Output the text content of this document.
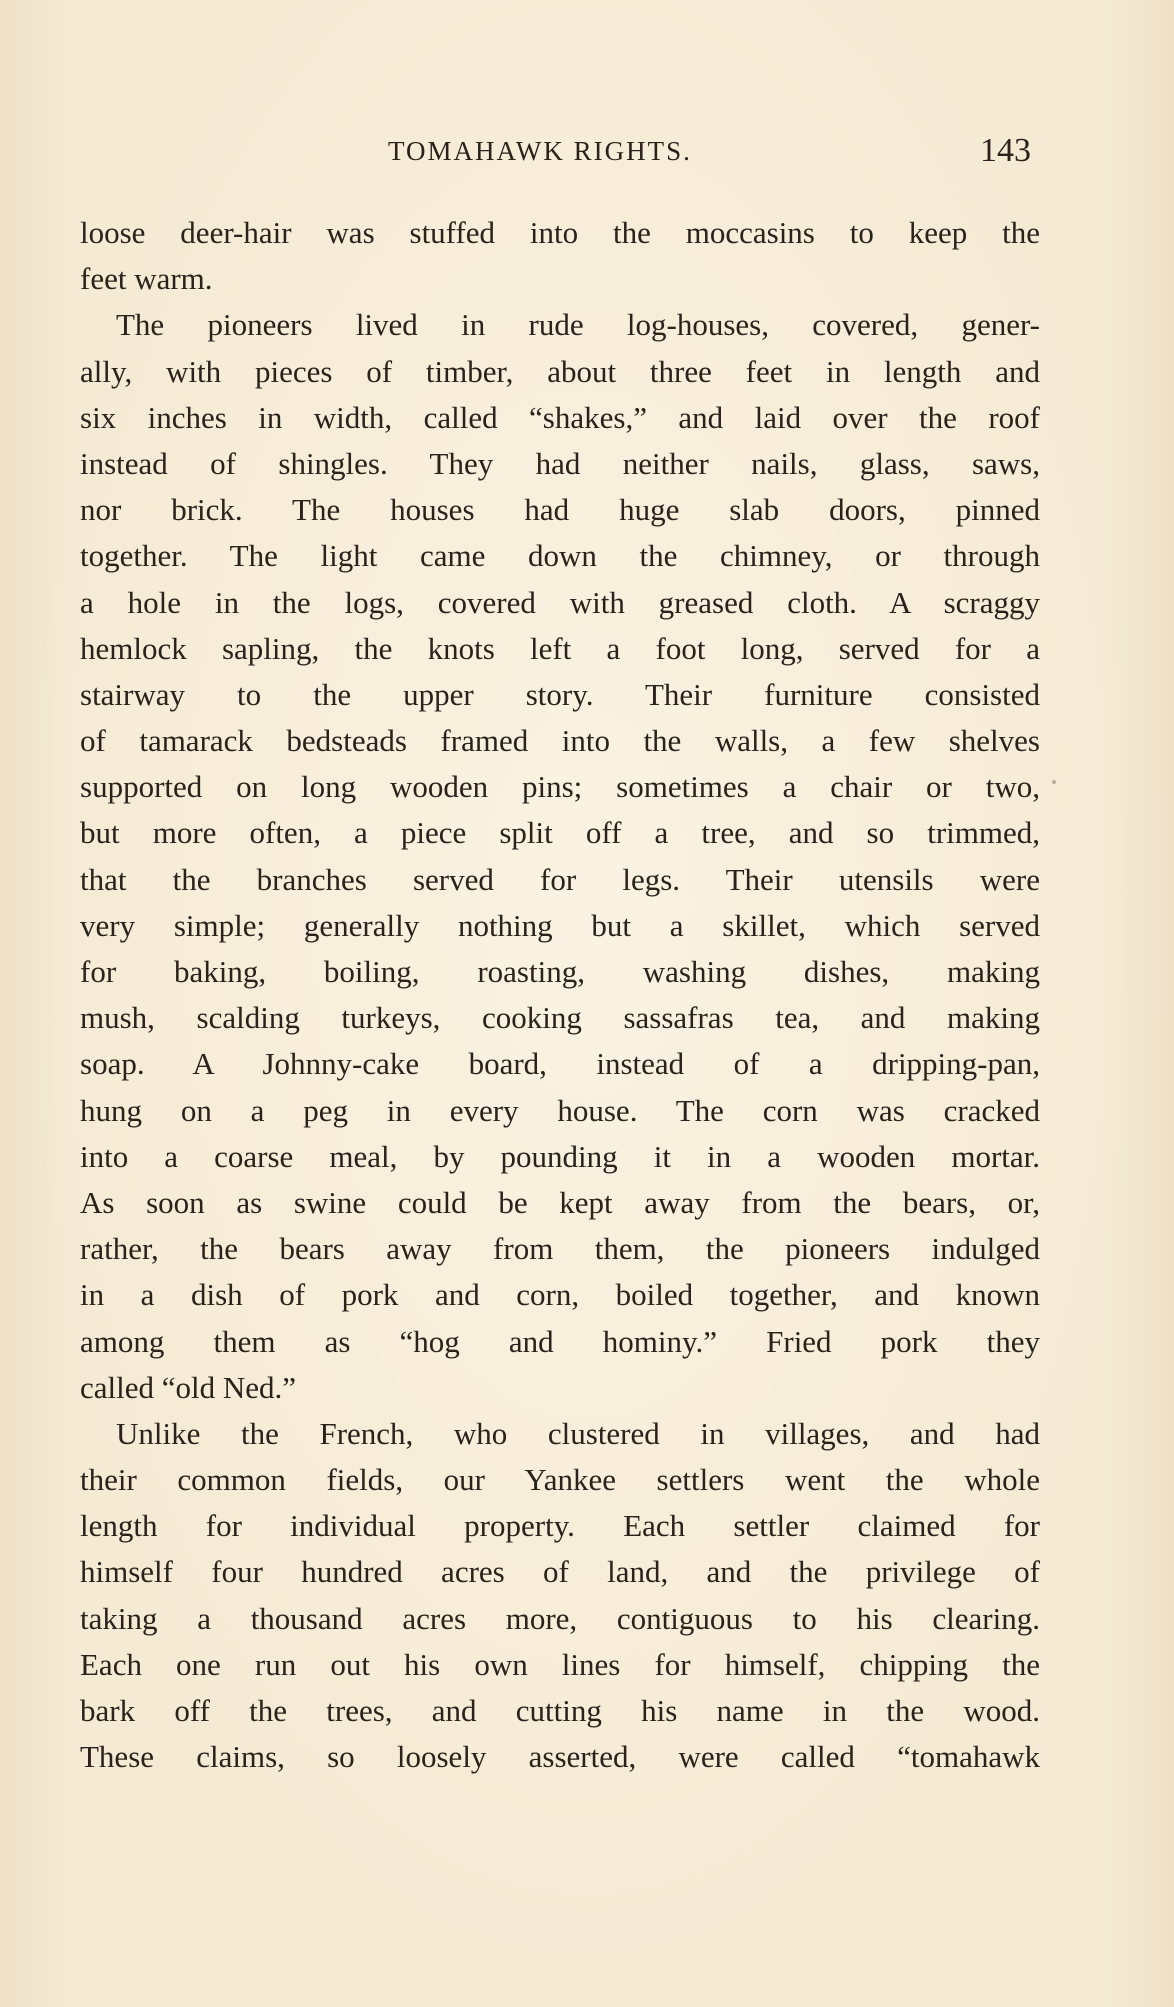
TOMAHAWK RIGHTS.	143
loose deer-hair was stuffed into the moccasins to keep the
feet warm.
The pioneers lived in rude log-houses, covered, gener-
ally, with pieces of timber, about three feet in length and
six inches in width, called “shakes,” and laid over the roof
instead of shingles. They had neither nails, glass, saws,
nor brick. The houses had huge slab doors, pinned
together. The light came down the chimney, or through
a hole in the logs, covered with greased cloth. A scraggy
hemlock sapling, the knots left a foot long, served for a
stairway to the upper story. Their furniture consisted
of tamarack bedsteads framed into the walls, a few shelves
supported on long wooden pins; sometimes a chair or two,
but more often, a piece split off a tree, and so trimmed,
that the branches served for legs. Their utensils were
very simple; generally nothing but a skillet, which served
for baking, boiling, roasting, washing dishes, making
mush, scalding turkeys, cooking sassafras tea, and making
soap. A Johnny-cake board, instead of a dripping-pan,
hung on a peg in every house. The corn was cracked
into a coarse meal, by pounding it in a wooden mortar.
As soon as swine could be kept away from the bears, or,
rather, the bears away from them, the pioneers indulged
in a dish of pork and corn, boiled together, and known
among them as “hog and hominy.” Fried pork they
called “old Ned.”
Unlike the French, who clustered in villages, and had
their common fields, our Yankee settlers went the whole
length for individual property. Each settler claimed for
himself four hundred acres of land, and the privilege of
taking a thousand acres more, contiguous to his clearing.
Each one run out his own lines for himself, chipping the
bark off the trees, and cutting his name in the wood.
These claims, so loosely asserted, were called “tomahawk
